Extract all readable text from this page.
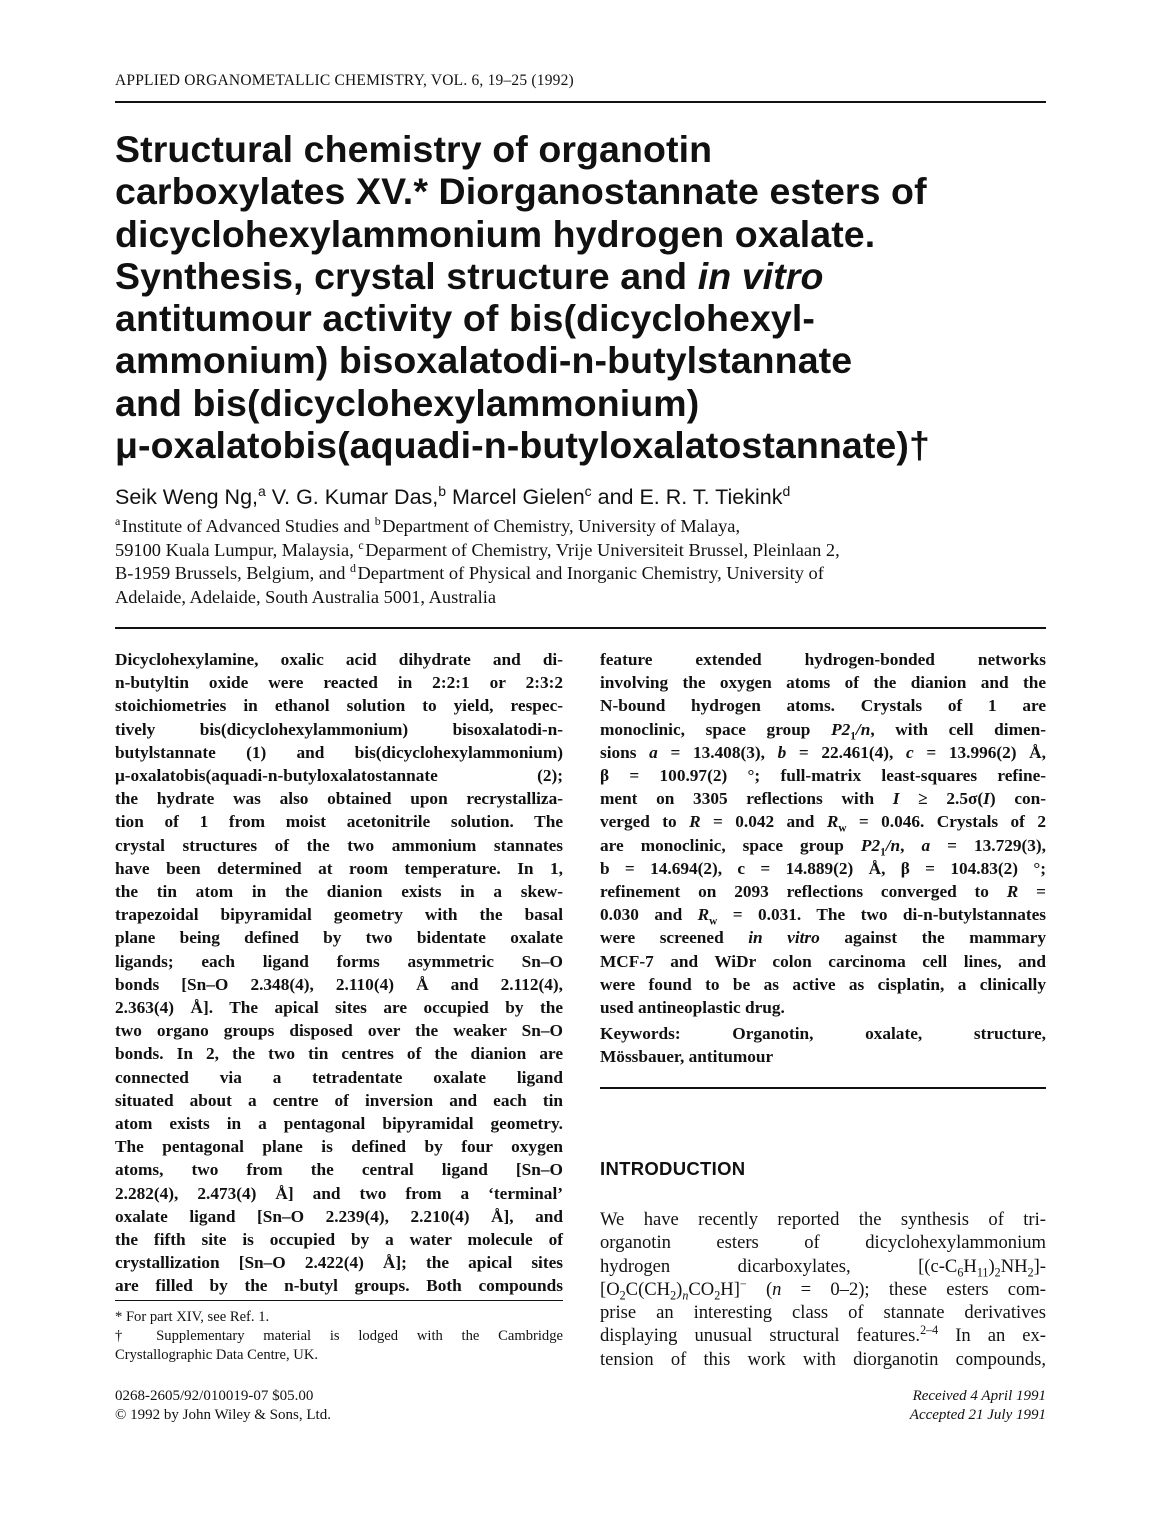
APPLIED ORGANOMETALLIC CHEMISTRY, VOL. 6, 19–25 (1992)
Structural chemistry of organotin
carboxylates XV.* Diorganostannate esters of
dicyclohexylammonium hydrogen oxalate.
Synthesis, crystal structure and in vitro
antitumour activity of bis(dicyclohexyl-
ammonium) bisoxalatodi-n-butylstannate
and bis(dicyclohexylammonium)
μ-oxalatobis(aquadi-n-butyloxalatostannate)†
Seik Weng Ng,$^a$ V. G. Kumar Das,$^b$ Marcel Gielen$^c$ and E. R. T. Tiekink$^d$
$^a$ Institute of Advanced Studies and $^b$ Department of Chemistry, University of Malaya,
59100 Kuala Lumpur, Malaysia, $^c$ Deparment of Chemistry, Vrije Universiteit Brussel, Pleinlaan 2,
B-1959 Brussels, Belgium, and $^d$ Department of Physical and Inorganic Chemistry, University of
Adelaide, Adelaide, South Australia 5001, Australia
Dicyclohexylamine, oxalic acid dihydrate and di-
n-butyltin oxide were reacted in 2:2:1 or 2:3:2
stoichiometries in ethanol solution to yield, respec-
tively bis(dicyclohexylammonium) bisoxalatodi-n-
butylstannate (1) and bis(dicyclohexylammonium)
μ-oxalatobis(aquadi-n-butyloxalatostannate (2);
the hydrate was also obtained upon recrystalliza-
tion of 1 from moist acetonitrile solution. The
crystal structures of the two ammonium stannates
have been determined at room temperature. In 1,
the tin atom in the dianion exists in a skew-
trapezoidal bipyramidal geometry with the basal
plane being defined by two bidentate oxalate
ligands; each ligand forms asymmetric Sn–O
bonds [Sn–O 2.348(4), 2.110(4) Å and 2.112(4),
2.363(4) Å]. The apical sites are occupied by the
two organo groups disposed over the weaker Sn–O
bonds. In 2, the two tin centres of the dianion are
connected via a tetradentate oxalate ligand
situated about a centre of inversion and each tin
atom exists in a pentagonal bipyramidal geometry.
The pentagonal plane is defined by four oxygen
atoms, two from the central ligand [Sn–O
2.282(4), 2.473(4) Å] and two from a ‘terminal’
oxalate ligand [Sn–O 2.239(4), 2.210(4) Å], and
the fifth site is occupied by a water molecule of
crystallization [Sn–O 2.422(4) Å]; the apical sites
are filled by the n-butyl groups. Both compounds
feature extended hydrogen-bonded networks
involving the oxygen atoms of the dianion and the
N-bound hydrogen atoms. Crystals of 1 are
monoclinic, space group $P2_1/n$, with cell dimen-
sions a = 13.408(3), b = 22.461(4), c = 13.996(2) Å,
β = 100.97(2) °; full-matrix least-squares refine-
ment on 3305 reflections with I ≥ 2.5σ(I) con-
verged to R = 0.042 and $R_w = 0.046$. Crystals of 2
are monoclinic, space group $P2_1/n$, a = 13.729(3),
b = 14.694(2), c = 14.889(2) Å, β = 104.83(2) °;
refinement on 2093 reflections converged to R =
0.030 and $R_w = 0.031$. The two di-n-butylstannates
were screened in vitro against the mammary
MCF-7 and WiDr colon carcinoma cell lines, and
were found to be as active as cisplatin, a clinically
used antineoplastic drug.
Keywords: Organotin, oxalate, structure,
Mössbauer, antitumour
INTRODUCTION
We have recently reported the synthesis of tri-
organotin esters of dicyclohexylammonium
hydrogen dicarboxylates, $[(c-C_6H_{11})_2NH_2]-$
$[O_2C(CH_2)_nCO_2H]^-$ (n = 0–2); these esters com-
prise an interesting class of stannate derivatives
displaying unusual structural features.$^{2-4}$ In an ex-
tension of this work with diorganotin compounds,
* For part XIV, see Ref. 1.
† Supplementary material is lodged with the Cambridge
Crystallographic Data Centre, UK.
0268-2605/92/010019-07 $05.00
© 1992 by John Wiley & Sons, Ltd.
Received 4 April 1991
Accepted 21 July 1991
